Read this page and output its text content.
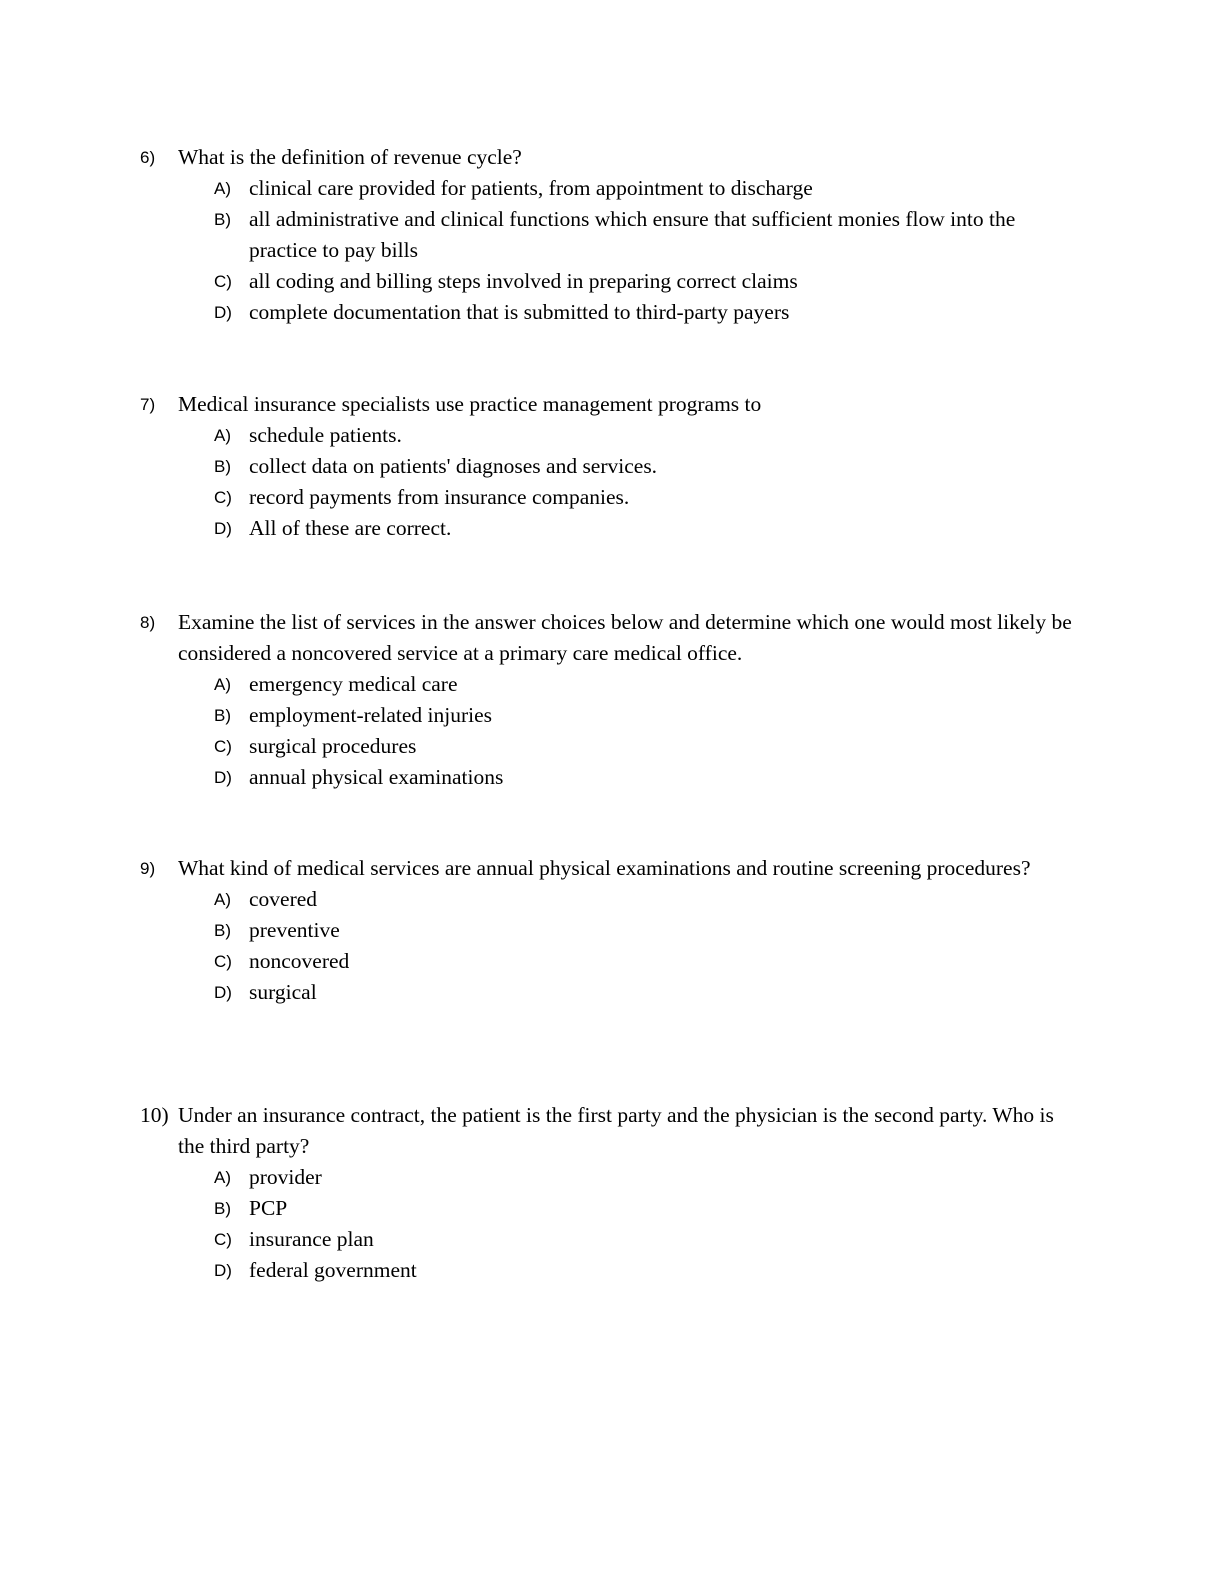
6) What is the definition of revenue cycle?
A) clinical care provided for patients, from appointment to discharge
B) all administrative and clinical functions which ensure that sufficient monies flow into the practice to pay bills
C) all coding and billing steps involved in preparing correct claims
D) complete documentation that is submitted to third-party payers
7) Medical insurance specialists use practice management programs to
A) schedule patients.
B) collect data on patients' diagnoses and services.
C) record payments from insurance companies.
D) All of these are correct.
8) Examine the list of services in the answer choices below and determine which one would most likely be considered a noncovered service at a primary care medical office.
A) emergency medical care
B) employment-related injuries
C) surgical procedures
D) annual physical examinations
9) What kind of medical services are annual physical examinations and routine screening procedures?
A) covered
B) preventive
C) noncovered
D) surgical
10) Under an insurance contract, the patient is the first party and the physician is the second party. Who is the third party?
A) provider
B) PCP
C) insurance plan
D) federal government
